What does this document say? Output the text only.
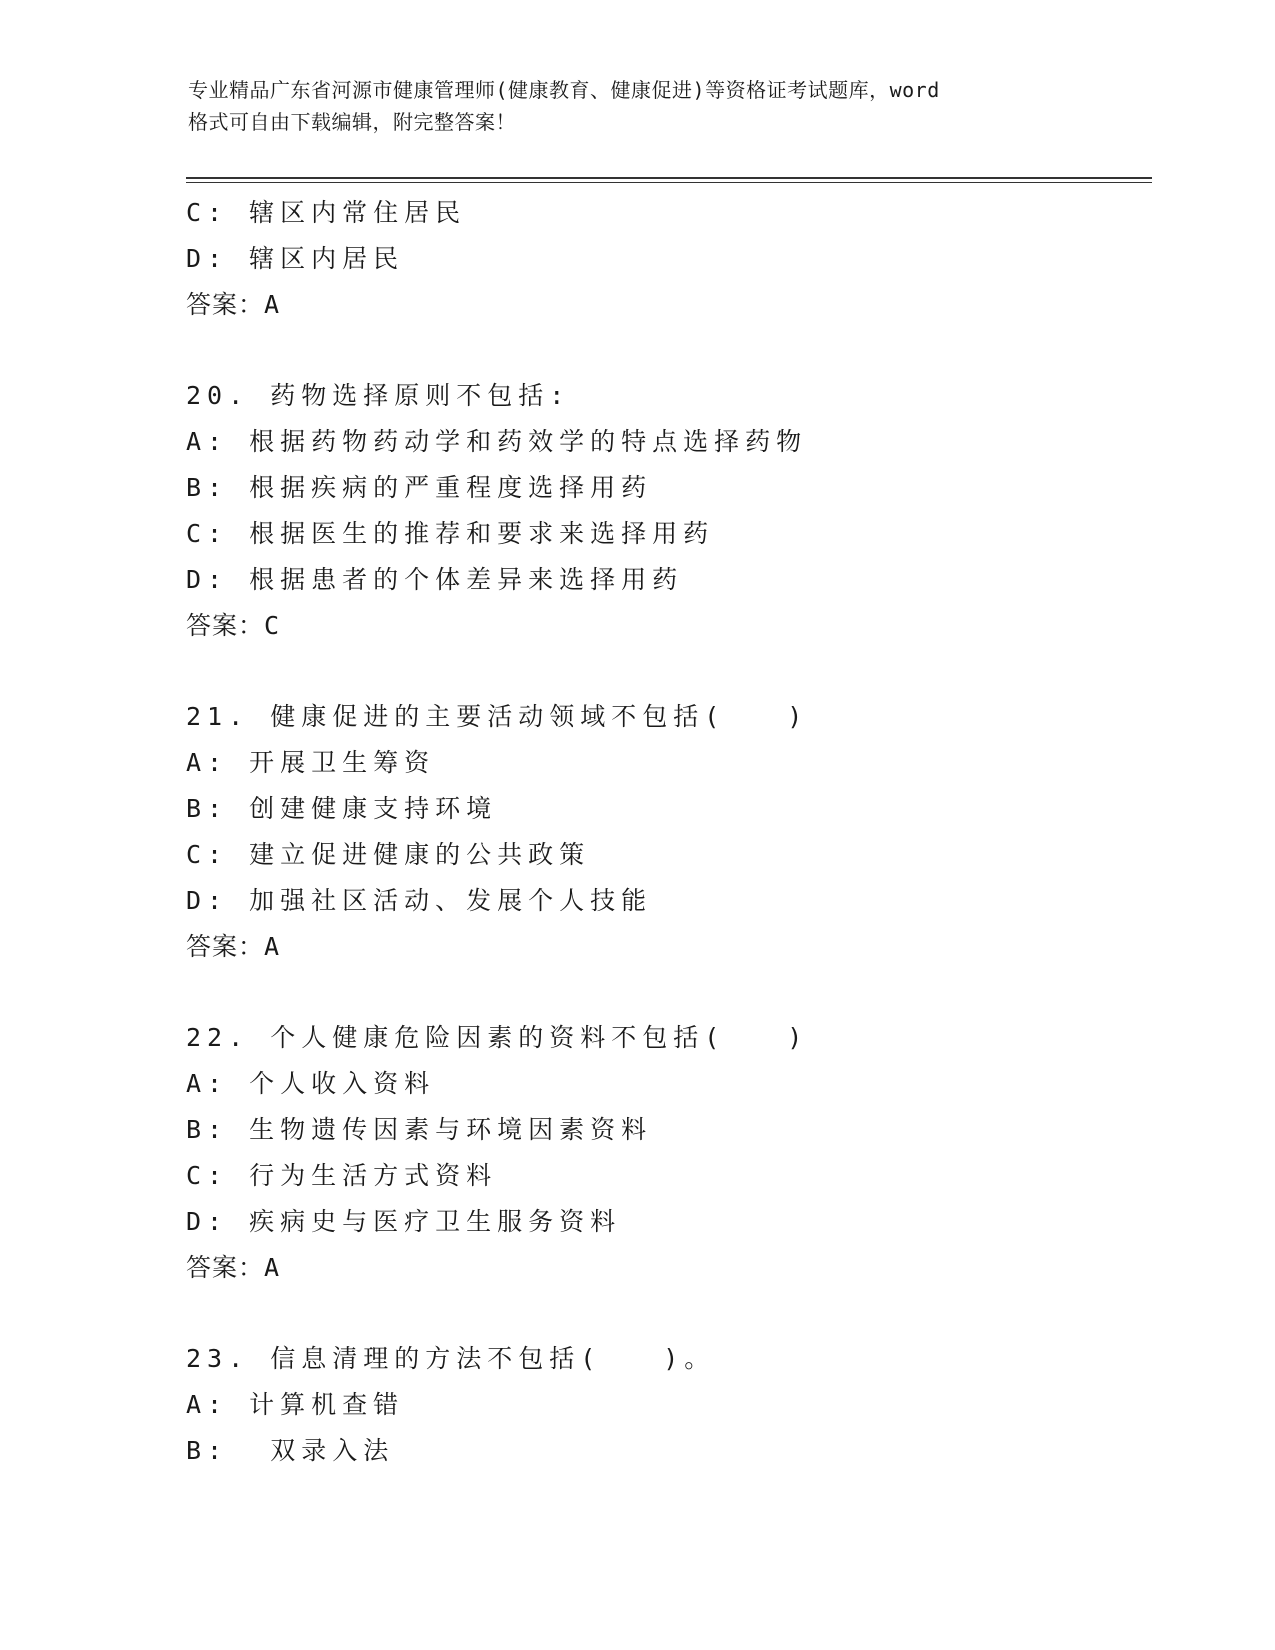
专业精品广东省河源市健康管理师(健康教育、健康促进)等资格证考试题库，word
格式可自由下载编辑，附完整答案！
C: 辖区内常住居民
D: 辖区内居民
答案：A
20. 药物选择原则不包括:
A: 根据药物药动学和药效学的特点选择药物
B: 根据疾病的严重程度选择用药
C: 根据医生的推荐和要求来选择用药
D: 根据患者的个体差异来选择用药
答案：C
21. 健康促进的主要活动领域不包括(　　)
A: 开展卫生筹资
B: 创建健康支持环境
C: 建立促进健康的公共政策
D: 加强社区活动、发展个人技能
答案：A
22. 个人健康危险因素的资料不包括(　　)
A: 个人收入资料
B: 生物遗传因素与环境因素资料
C: 行为生活方式资料
D: 疾病史与医疗卫生服务资料
答案：A
23. 信息清理的方法不包括(　　)。
A: 计算机查错
B:  双录入法
